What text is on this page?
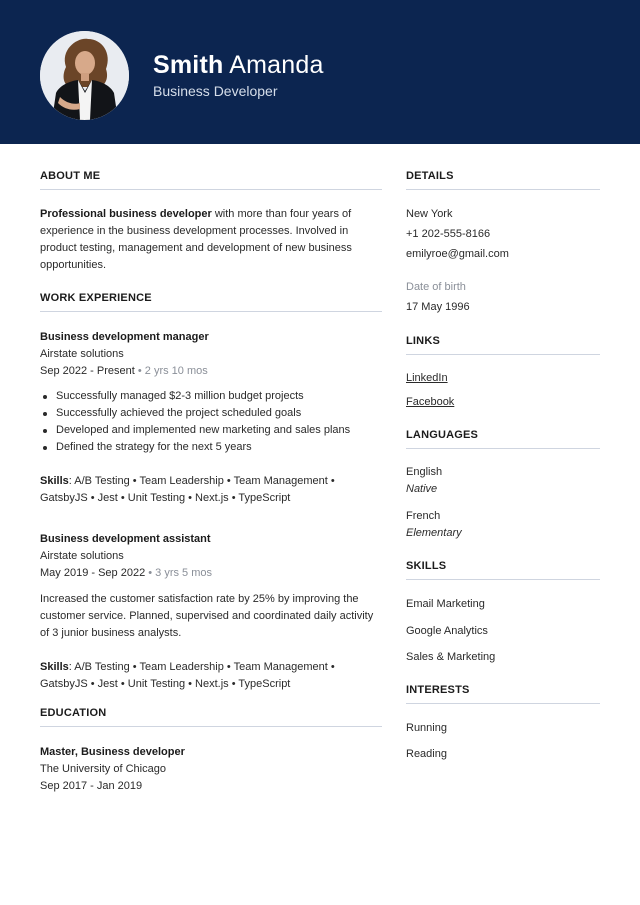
Smith Amanda
Business Developer
ABOUT ME

Professional business developer with more than four years of experience in the business development processes. Involved in product testing, management and development of new business opportunities.

WORK EXPERIENCE
Business development manager
Airstate solutions
Sep 2022 - Present • 2 yrs 10 mos
Successfully managed $2-3 million budget projects
Successfully achieved the project scheduled goals
Developed and implemented new marketing and sales plans
Defined the strategy for the next 5 years

Skills: A/B Testing • Team Leadership • Team Management • GatsbyJS • Jest • Unit Testing • Next.js • TypeScript

Business development assistant
Airstate solutions
May 2019 - Sep 2022 • 3 yrs 5 mos

Increased the customer satisfaction rate by 25% by improving the customer service. Planned, supervised and coordinated daily activity of 3 junior business analysts.

Skills: A/B Testing • Team Leadership • Team Management • GatsbyJS • Jest • Unit Testing • Next.js • TypeScript

EDUCATION
Master, Business developer
The University of Chicago
Sep 2017 - Jan 2019
DETAILS
New York
+1 202-555-8166
emilyroe@gmail.com
Date of birth
17 May 1996
LINKS
LinkedIn
Facebook
LANGUAGES
English
Native
French
Elementary
SKILLS
Email Marketing
Google Analytics
Sales & Marketing
INTERESTS
Running
Reading
